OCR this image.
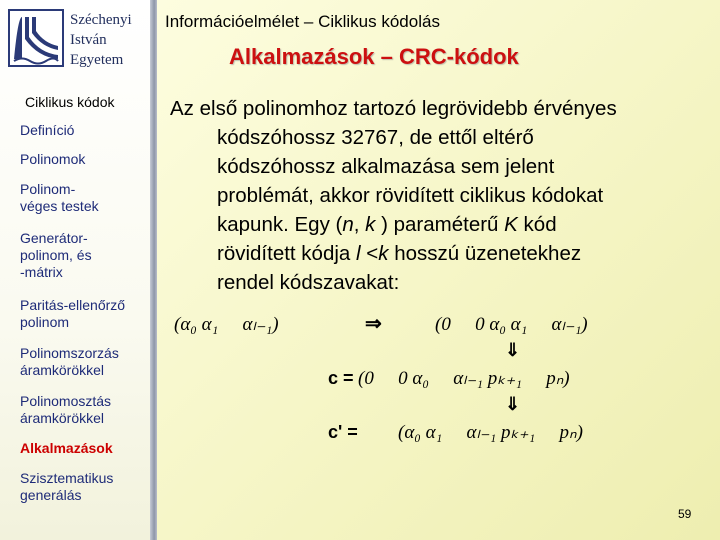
Széchenyi
István
Egyetem
Ciklikus kódok
Definíció
Polinomok
Polinom-
véges testek
Generátor-
polinom, és
-mátrix
Paritás-ellenőrző
polinom
Polinomszorzás
áramkörökkel
Polinomosztás
áramkörökkel
Alkalmazások
Szisztematikus
generálás
Információelmélet – Ciklikus kódolás
Alkalmazások – CRC-kódok
Az első polinomhoz tartozó legrövidebb érvényes
kódszóhossz 32767, de ettől eltérő
kódszóhossz alkalmazása sem jelent
problémát, akkor rövidített ciklikus kódokat
kapunk. Egy (n, k ) paraméterű K kód
rövidített kódja l <k hosszú üzenetekhez
rendel kódszavakat:
(α₀ α₁ ⃞ αₗ₋₁)	⇒	(0 ⃞ 0 α₀ α₁ ⃞ αₗ₋₁)
⇓
c = (0 ⃞ 0 α₀ ⃞ αₗ₋₁ pₖ₊₁ ⃞ pₙ)
⇓
c' = (α₀ α₁ ⃞ αₗ₋₁ pₖ₊₁ ⃞ pₙ)
59
